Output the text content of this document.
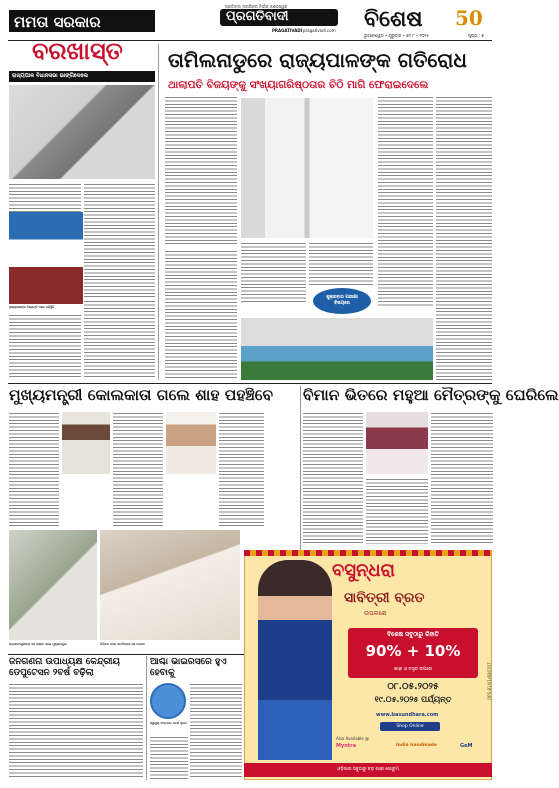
ପ୍ରତିବାଦୀ ନାଗରିକର ନିର୍ଭୀକ କଣ୍ଠସ୍ୱର
ପ୍ରଗତିବାଦୀ
PRAGATIVADI pragativadi.com ବିଶେଷ 50
ଭୁବନେଶ୍ୱର • ଗୁରୁବାର • ମେ ୮ • ୨୦୨୫	ପୃଷ୍ଠା : ୭
ମମତା ସରକାର
ବରଖାସ୍ତ
ରାଜ୍ୟପାଳ ବିଧାନସଭା ଭାଙ୍ଗିଦେଲେ
ରାଜ୍ୟପାଳଙ୍କ ନିଷ୍ପତ୍ତି ପରେ ପରିସ୍ଥିତି
ତାମିଲନାଡୁରେ ରାଜ୍ୟପାଳଙ୍କ ଗତିରୋଧ
ଥାଲାପତି ବିଜୟଙ୍କୁ ସଂଖ୍ୟାଗରିଷ୍ଠତାର ଚିଠି ମାଗି ଫେରାଇଦେଲେ
ଶୁକ୍ରବାର ପରୀକ୍ଷା ବିଷୟରେ
ମୁଖ୍ୟମନ୍ତ୍ରୀ କୋଲକାତା ଗଲେ ଶାହ ପହଞ୍ଚିବେ
ପ୍ରଧାନମନ୍ତ୍ରୀଙ୍କ ସହ ସାକ୍ଷାତ କଲେ ମୁଖ୍ୟମନ୍ତ୍ରୀ	ନିର୍ବାଚନ ପରେ ସମର୍ଥକଙ୍କ ସହ ଉତ୍ସବ
ବିମାନ ଭିତରେ ମହୁଆ ମୈତ୍ରଙ୍କୁ ଘେରିଲେ
ବସୁନ୍ଧରା
ସାବିତ୍ରୀ ବ୍ରତ
ଉପଲକ୍ଷେ
ବିଶେଷ ସବୁଠାରୁ ରିହାତି
90% + 10%
ଶାଢ଼ୀ ଓ ବସ୍ତ୍ର ଉପରେ
୦୮.୦୫.୨୦୨୫
୧୯.୦୫.୨୦୨୫ ପର୍ଯ୍ୟନ୍ତ
www.basundhara.com
Shop Online
Also Available @
Myntra	India handmade	GeM
ଓଡ଼ିଶାର ସବୁଠାରୁ ବଡ଼ ଶାଢ଼ୀ ଶୋରୁମ୍
ଜନଗଣନା ଉପାଧ୍ୟକ୍ଷ କେନ୍ଦ୍ରୀୟ ଡେପୁଟେସନ ୨ବର୍ଷ ବଢ଼ିଲା
ଆଶ୍ଚା ଭାଇରସରେ ହୁଏ ହେବାକୁ
ସ୍ୱାସ୍ଥ୍ୟ ସଂଗଠନର ସତର୍କ ସୂଚନା
OPS:81/01/826707
